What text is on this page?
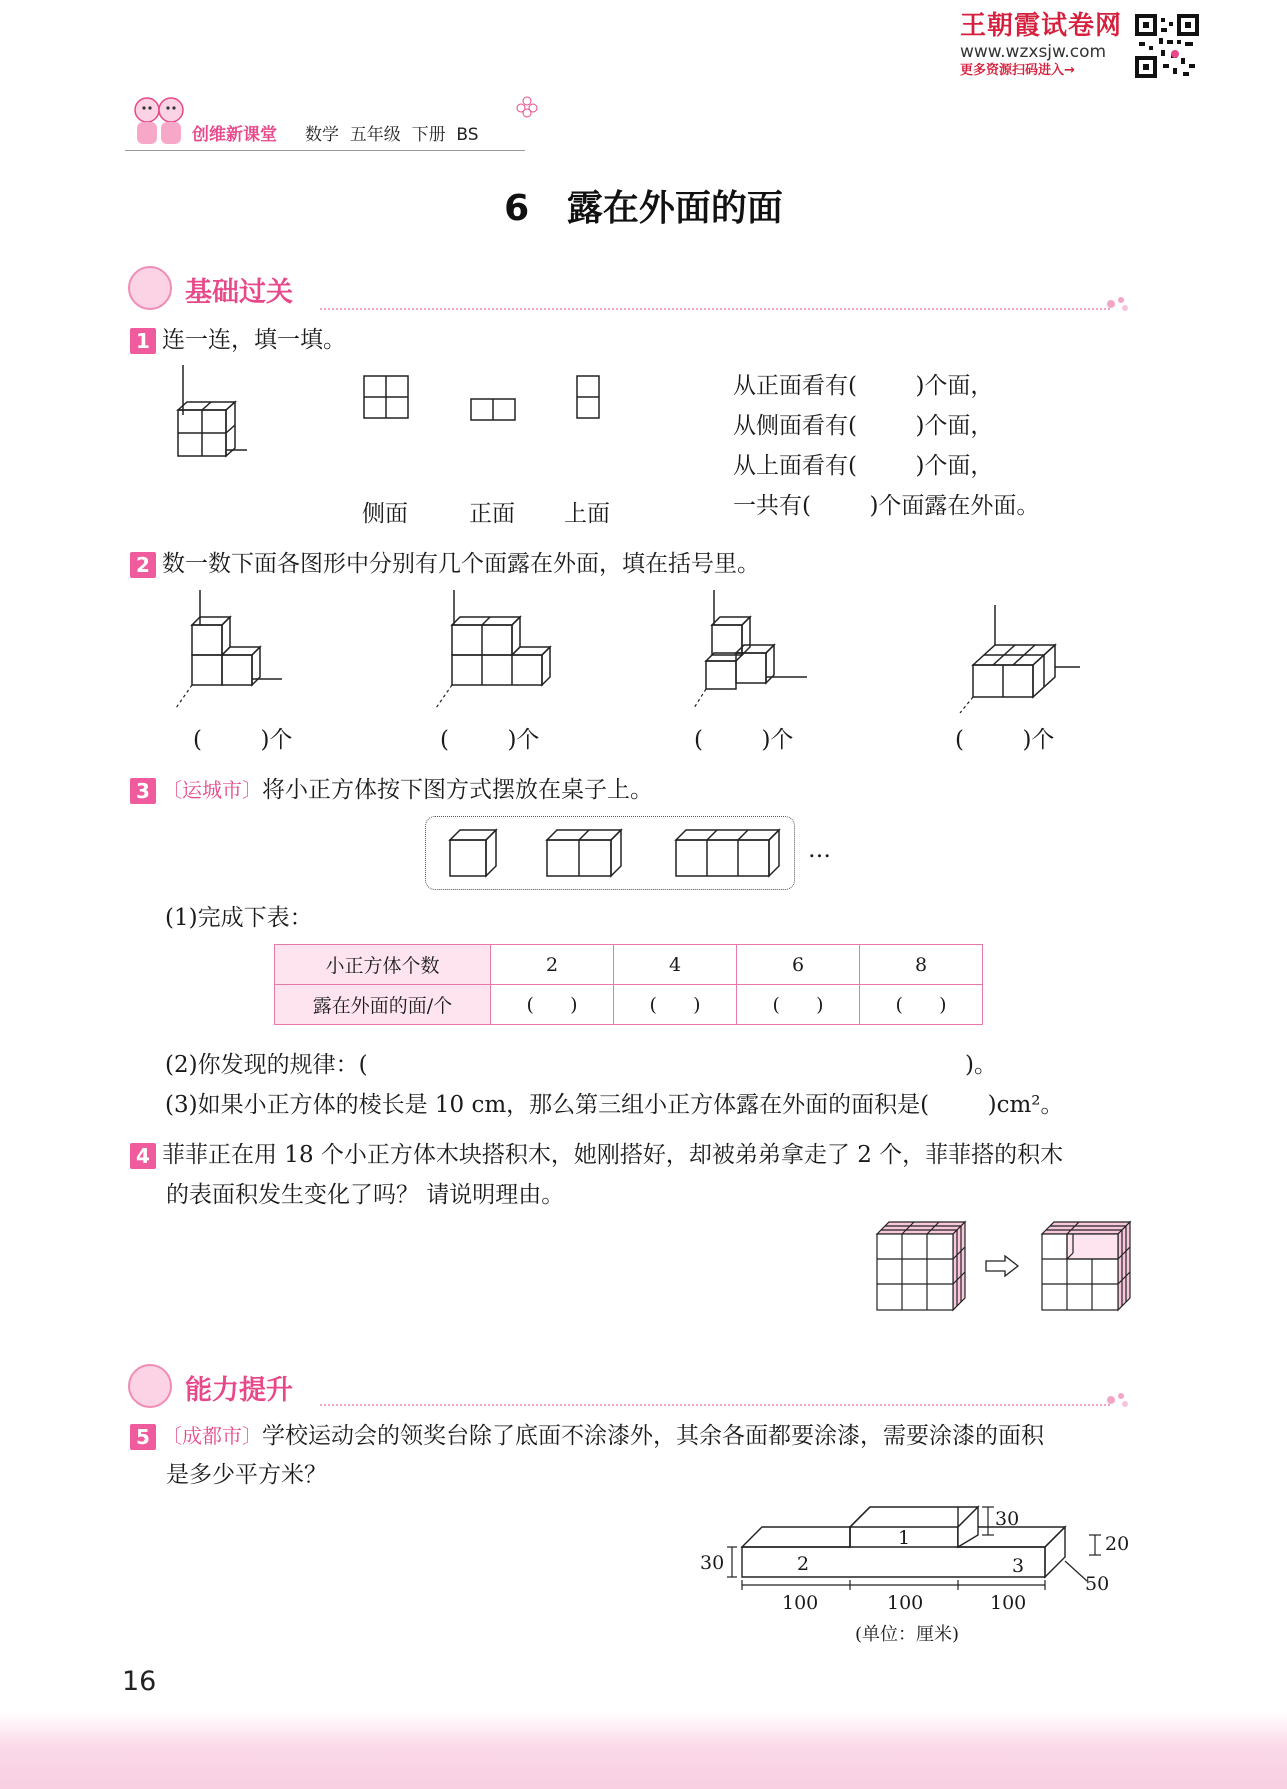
王朝霞试卷网
www.wzxsjw.com
更多资源扫码进入→
创维新课堂 数学  五年级  下册  BS
6   露在外面的面
基础过关
1 连一连，填一填。
侧面	正面 上面
从正面看有(        )个面，
从侧面看有(        )个面，
从上面看有(        )个面，
一共有(        )个面露在外面。
2 数一数下面各图形中分别有几个面露在外面，填在括号里。
(        )个	(        )个	(        )个	(        )个
3 〔运城市〕将小正方体按下图方式摆放在桌子上。
…
(1)完成下表：
小正方体个数	2	4	6	8
露在外面的面/个	(      )	(      )	(      )	(      )
(2)你发现的规律：(	)。
(3)如果小正方体的棱长是 10 cm，那么第三组小正方体露在外面的面积是(        )cm²。
4 菲菲正在用 18 个小正方体木块搭积木，她刚搭好，却被弟弟拿走了 2 个，菲菲搭的积木
的表面积发生变化了吗？ 请说明理由。
能力提升
5 〔成都市〕学校运动会的领奖台除了底面不涂漆外，其余各面都要涂漆，需要涂漆的面积
是多少平方米？
1
2	3
30
30
20
50
100	100	100
(单位：厘米)
16
